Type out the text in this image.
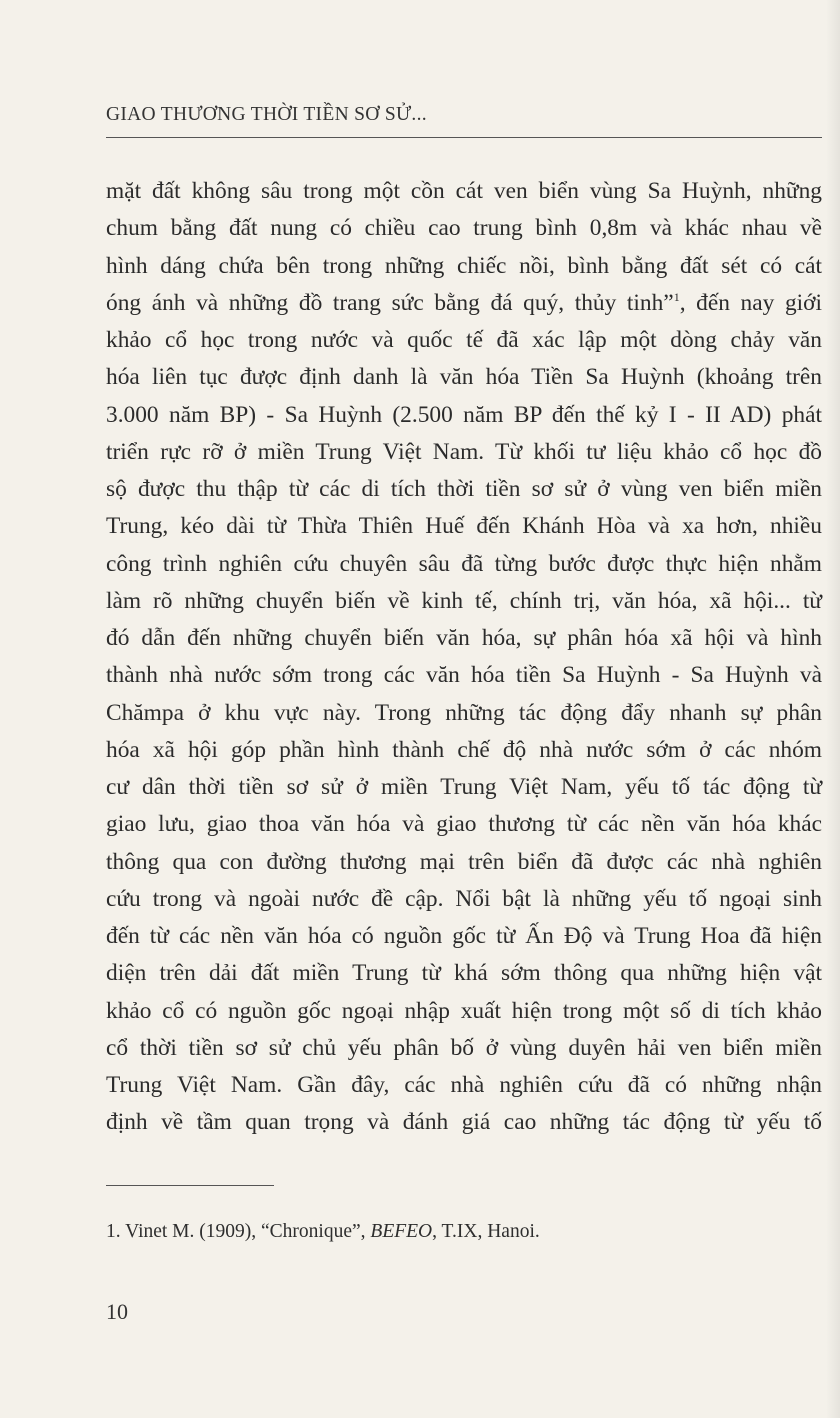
GIAO THƯƠNG THỜI TIỀN SƠ SỬ...
mặt đất không sâu trong một cồn cát ven biển vùng Sa Huỳnh, những
chum bằng đất nung có chiều cao trung bình 0,8m và khác nhau về
hình dáng chứa bên trong những chiếc nồi, bình bằng đất sét có cát
óng ánh và những đồ trang sức bằng đá quý, thủy tinh”$^1$, đến nay giới
khảo cổ học trong nước và quốc tế đã xác lập một dòng chảy văn
hóa liên tục được định danh là văn hóa Tiền Sa Huỳnh (khoảng trên
3.000 năm BP) - Sa Huỳnh (2.500 năm BP đến thế kỷ I - II AD) phát
triển rực rỡ ở miền Trung Việt Nam. Từ khối tư liệu khảo cổ học đồ
sộ được thu thập từ các di tích thời tiền sơ sử ở vùng ven biển miền
Trung, kéo dài từ Thừa Thiên Huế đến Khánh Hòa và xa hơn, nhiều
công trình nghiên cứu chuyên sâu đã từng bước được thực hiện nhằm
làm rõ những chuyển biến về kinh tế, chính trị, văn hóa, xã hội... từ
đó dẫn đến những chuyển biến văn hóa, sự phân hóa xã hội và hình
thành nhà nước sớm trong các văn hóa tiền Sa Huỳnh - Sa Huỳnh và
Chămpa ở khu vực này. Trong những tác động đẩy nhanh sự phân
hóa xã hội góp phần hình thành chế độ nhà nước sớm ở các nhóm
cư dân thời tiền sơ sử ở miền Trung Việt Nam, yếu tố tác động từ
giao lưu, giao thoa văn hóa và giao thương từ các nền văn hóa khác
thông qua con đường thương mại trên biển đã được các nhà nghiên
cứu trong và ngoài nước đề cập. Nổi bật là những yếu tố ngoại sinh
đến từ các nền văn hóa có nguồn gốc từ Ấn Độ và Trung Hoa đã hiện
diện trên dải đất miền Trung từ khá sớm thông qua những hiện vật
khảo cổ có nguồn gốc ngoại nhập xuất hiện trong một số di tích khảo
cổ thời tiền sơ sử chủ yếu phân bố ở vùng duyên hải ven biển miền
Trung Việt Nam. Gần đây, các nhà nghiên cứu đã có những nhận
định về tầm quan trọng và đánh giá cao những tác động từ yếu tố
1. Vinet M. (1909), “Chronique”, BEFEO, T.IX, Hanoi.
10
